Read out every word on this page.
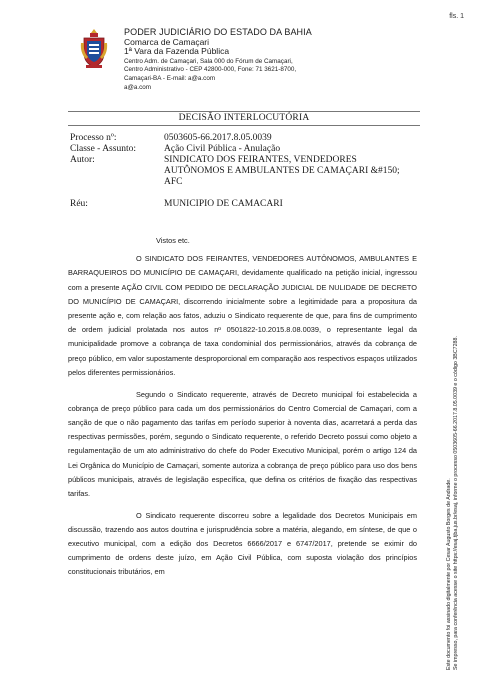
fls. 1
PODER JUDICIÁRIO DO ESTADO DA BAHIA
Comarca de Camaçari
1ª Vara da Fazenda Pública
Centro Adm. de Camaçari, Sala 000 do Fórum de Camaçari,
Centro Administrativo - CEP 42800-000, Fone: 71 3621-8700,
Camaçari-BA - E-mail: a@a.com
a@a.com
DECISÃO INTERLOCUTÓRIA
Processo nº:	0503605-66.2017.8.05.0039
Classe - Assunto:	Ação Civil Pública - Anulação
Autor:	SINDICATO DOS FEIRANTES, VENDEDORES AUTÔNOMOS E AMBULANTES DE CAMAÇARI &#150; AFC
Réu:	MUNICIPIO DE CAMACARI

Vistos etc.

O SINDICATO DOS FEIRANTES, VENDEDORES AUTÔNOMOS, AMBULANTES E BARRAQUEIROS DO MUNICÍPIO DE CAMAÇARI, devidamente qualificado na petição inicial, ingressou com a presente AÇÃO CIVIL COM PEDIDO DE DECLARAÇÃO JUDICIAL DE NULIDADE DE DECRETO DO MUNICÍPIO DE CAMAÇARI, discorrendo inicialmente sobre a legitimidade para a propositura da presente ação e, com relação aos fatos, aduziu o Sindicato requerente de que, para fins de cumprimento de ordem judicial prolatada nos autos nº 0501822-10.2015.8.08.0039, o representante legal da municipalidade promove a cobrança de taxa condominial dos permissionários, através da cobrança de preço público, em valor supostamente desproporcional em comparação aos respectivos espaços utilizados pelos diferentes permissionários.

Segundo o Sindicato requerente, através de Decreto municipal foi estabelecida a cobrança de preço público para cada um dos permissionários do Centro Comercial de Camaçari, com a sanção de que o não pagamento das tarifas em período superior à noventa dias, acarretará a perda das respectivas permissões, porém, segundo o Sindicato requerente, o referido Decreto possui como objeto a regulamentação de um ato administrativo do chefe do Poder Executivo Municipal, porém o artigo 124 da Lei Orgânica do Município de Camaçari, somente autoriza a cobrança de preço público para uso dos bens públicos municipais, através de legislação específica, que defina os critérios de fixação das respectivas tarifas.

O Sindicato requerente discorreu sobre a legalidade dos Decretos Municipais em discussão, trazendo aos autos doutrina e jurisprudência sobre a matéria, alegando, em síntese, de que o executivo municipal, com a edição dos Decretos 6666/2017 e 6747/2017, pretende se eximir do cumprimento de ordens deste juízo, em Ação Civil Pública, com suposta violação dos princípios constitucionais tributários, em	Este documento foi assinado digitalmente por Cesar Augusto Borges de Andrade. Se impresso, para conferência acesse o site https://esaj.tjba.jus.br/esaj, informe o processo 0503605-66.2017.8.05.0039 e o código 3BC7288.
